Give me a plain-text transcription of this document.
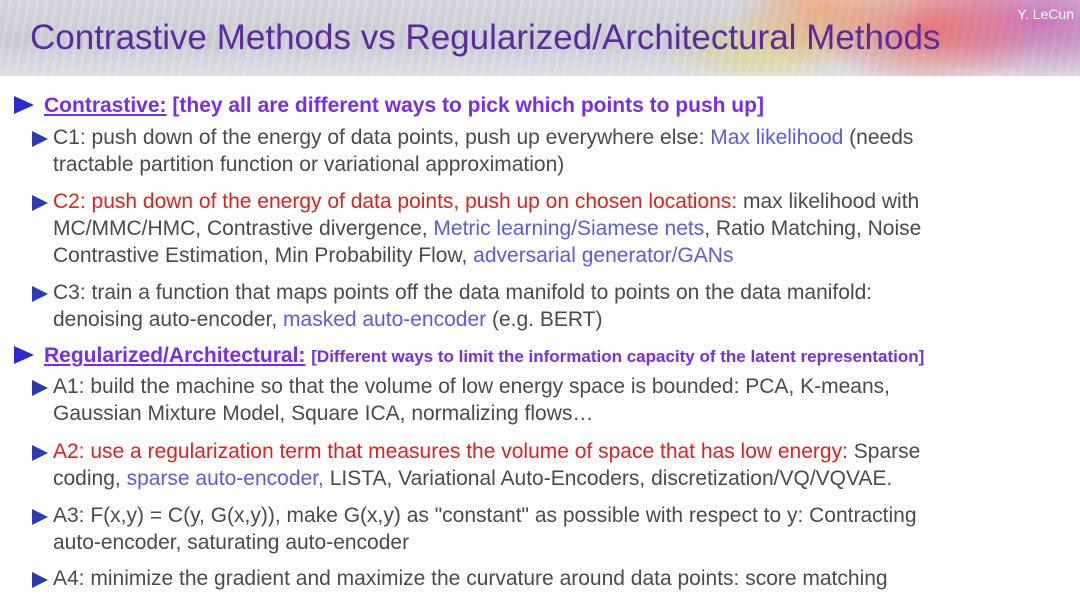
Contrastive Methods vs Regularized/Architectural Methods
Y. LeCun
Contrastive: [they all are different ways to pick which points to push up]
C1: push down of the energy of data points, push up everywhere else: Max likelihood (needs
tractable partition function or variational approximation)
C2: push down of the energy of data points, push up on chosen locations: max likelihood with
MC/MMC/HMC, Contrastive divergence, Metric learning/Siamese nets, Ratio Matching, Noise
Contrastive Estimation, Min Probability Flow, adversarial generator/GANs
C3: train a function that maps points off the data manifold to points on the data manifold:
denoising auto-encoder, masked auto-encoder (e.g. BERT)
Regularized/Architectural: [Different ways to limit the information capacity of the latent representation]
A1: build the machine so that the volume of low energy space is bounded: PCA, K-means,
Gaussian Mixture Model, Square ICA, normalizing flows…
A2: use a regularization term that measures the volume of space that has low energy: Sparse
coding, sparse auto-encoder, LISTA, Variational Auto-Encoders, discretization/VQ/VQVAE.
A3: F(x,y) = C(y, G(x,y)), make G(x,y) as "constant" as possible with respect to y: Contracting
auto-encoder, saturating auto-encoder
A4: minimize the gradient and maximize the curvature around data points: score matching
